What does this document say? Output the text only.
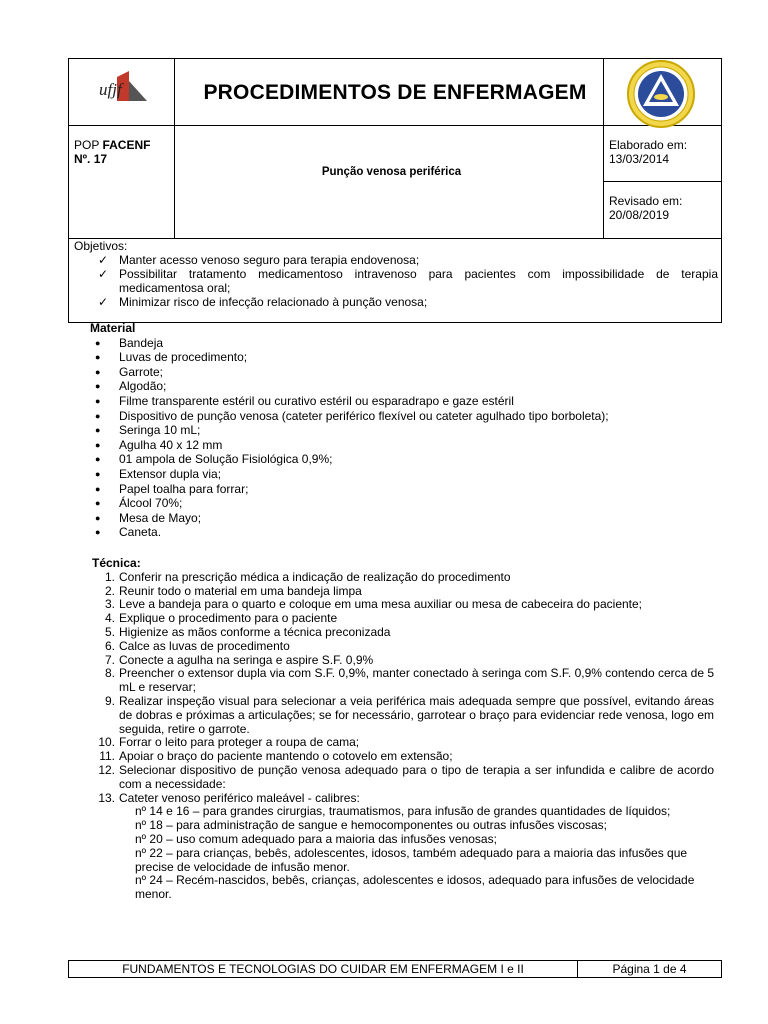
ufjf	PROCEDIMENTOS DE ENFERMAGEM
POP FACENF
Nº. 17
Punção venosa periférica
Elaborado em:
13/03/2014
Revisado em:
20/08/2019
Objetivos:
✓ Manter acesso venoso seguro para terapia endovenosa;
✓ Possibilitar tratamento medicamentoso intravenoso para pacientes com impossibilidade de terapia medicamentosa oral;
✓ Minimizar risco de infecção relacionado à punção venosa;
Material
● Bandeja
● Luvas de procedimento;
● Garrote;
● Algodão;
● Filme transparente estéril ou curativo estéril ou esparadrapo e gaze estéril
● Dispositivo de punção venosa (cateter periférico flexível ou cateter agulhado tipo borboleta);
● Seringa 10 mL;
● Agulha 40 x 12 mm
● 01 ampola de Solução Fisiológica 0,9%;
● Extensor dupla via;
● Papel toalha para forrar;
● Álcool 70%;
● Mesa de Mayo;
● Caneta.
Técnica:
1. Conferir na prescrição médica a indicação de realização do procedimento
2. Reunir todo o material em uma bandeja limpa
3. Leve a bandeja para o quarto e coloque em uma mesa auxiliar ou mesa de cabeceira do paciente;
4. Explique o procedimento para o paciente
5. Higienize as mãos conforme a técnica preconizada
6. Calce as luvas de procedimento
7. Conecte a agulha na seringa e aspire S.F. 0,9%
8. Preencher o extensor dupla via com S.F. 0,9%, manter conectado à seringa com S.F. 0,9% contendo cerca de 5 mL e reservar;
9. Realizar inspeção visual para selecionar a veia periférica mais adequada sempre que possível, evitando áreas de dobras e próximas a articulações; se for necessário, garrotear o braço para evidenciar rede venosa, logo em seguida, retire o garrote.
10. Forrar o leito para proteger a roupa de cama;
11. Apoiar o braço do paciente mantendo o cotovelo em extensão;
12. Selecionar dispositivo de punção venosa adequado para o tipo de terapia a ser infundida e calibre de acordo com a necessidade:
13. Cateter venoso periférico maleável - calibres:
nº 14 e 16 – para grandes cirurgias, traumatismos, para infusão de grandes quantidades de líquidos;
nº 18 – para administração de sangue e hemocomponentes ou outras infusões viscosas;
nº 20 – uso comum adequado para a maioria das infusões venosas;
nº 22 – para crianças, bebês, adolescentes, idosos, também adequado para a maioria das infusões que precise de velocidade de infusão menor.
nº 24 – Recém-nascidos, bebês, crianças, adolescentes e idosos, adequado para infusões de velocidade menor.
FUNDAMENTOS E TECNOLOGIAS DO CUIDAR EM ENFERMAGEM I e II	Página 1 de 4
